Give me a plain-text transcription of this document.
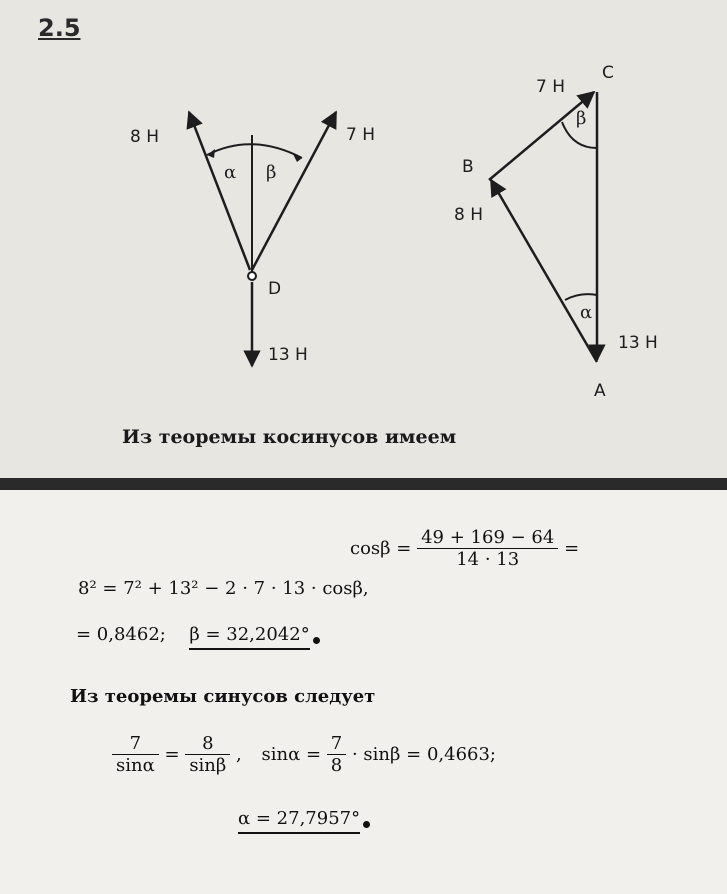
2.5
8 H	7 H
13 H
D
α β
7 H
C
B
8 H
13 H
A
β
α
Из теоремы косинусов имеем
8² = 7² + 13² − 2 · 7 · 13 · cosβ,
$\cos\beta = \frac{49 + 169 - 64}{14 \cdot 13}$ =
= 0,8462; β = 32,2042°
Из теоремы синусов следует
$\frac{7}{\sin\alpha} = \frac{8}{\sin\beta}$ , $\sin\alpha = \frac{7}{8} \cdot \sin\beta = 0,4663$;
α = 27,7957°
